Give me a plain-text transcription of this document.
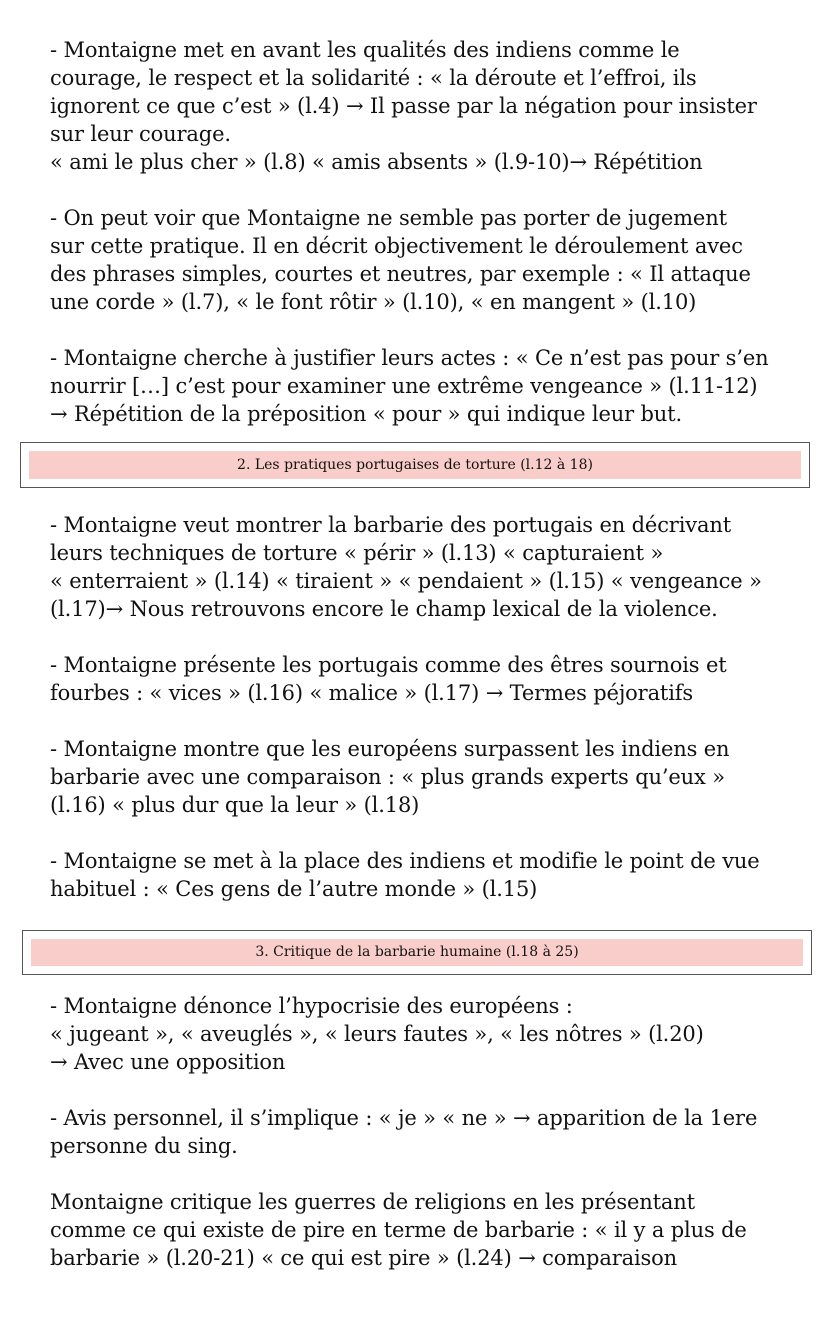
- Montaigne met en avant les qualités des indiens comme le
courage, le respect et la solidarité : « la déroute et l’effroi, ils
ignorent ce que c’est » (l.4) → Il passe par la négation pour insister
sur leur courage.
« ami le plus cher » (l.8) « amis absents » (l.9-10)→ Répétition
- On peut voir que Montaigne ne semble pas porter de jugement
sur cette pratique. Il en décrit objectivement le déroulement avec
des phrases simples, courtes et neutres, par exemple : « Il attaque
une corde » (l.7), « le font rôtir » (l.10), « en mangent » (l.10)
- Montaigne cherche à justifier leurs actes : « Ce n’est pas pour s’en
nourrir […] c’est pour examiner une extrême vengeance » (l.11-12)
→ Répétition de la préposition « pour » qui indique leur but.
2. Les pratiques portugaises de torture (l.12 à 18)
- Montaigne veut montrer la barbarie des portugais en décrivant
leurs techniques de torture « périr » (l.13) « capturaient »
« enterraient » (l.14) « tiraient » « pendaient » (l.15) « vengeance »
(l.17)→ Nous retrouvons encore le champ lexical de la violence.
- Montaigne présente les portugais comme des êtres sournois et
fourbes : « vices » (l.16) « malice » (l.17) → Termes péjoratifs
- Montaigne montre que les européens surpassent les indiens en
barbarie avec une comparaison : « plus grands experts qu’eux »
(l.16) « plus dur que la leur » (l.18)
- Montaigne se met à la place des indiens et modifie le point de vue
habituel : « Ces gens de l’autre monde » (l.15)
3. Critique de la barbarie humaine (l.18 à 25)
- Montaigne dénonce l’hypocrisie des européens :
« jugeant », « aveuglés », « leurs fautes », « les nôtres » (l.20)
→ Avec une opposition
- Avis personnel, il s’implique : « je » « ne » → apparition de la 1ere
personne du sing.
Montaigne critique les guerres de religions en les présentant
comme ce qui existe de pire en terme de barbarie : « il y a plus de
barbarie » (l.20-21) « ce qui est pire » (l.24) → comparaison
